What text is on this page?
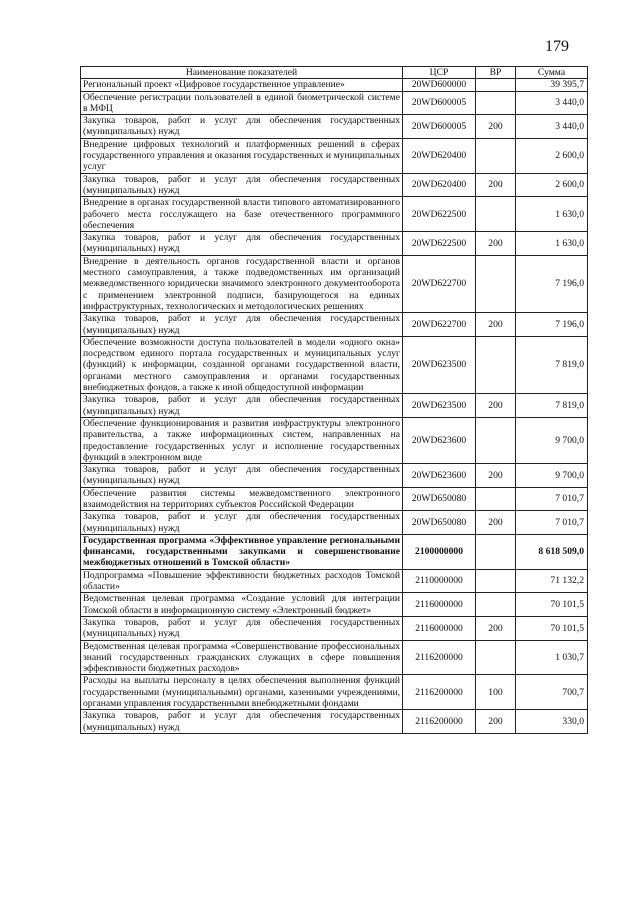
179
Наименование показателей	ЦСР	ВР	Сумма
Региональный проект «Цифровое государственное управление»	20WD600000		39 395,7
Обеспечение регистрации пользователей в единой биометрической системе в МФЦ	20WD600005		3 440,0
Закупка товаров, работ и услуг для обеспечения государственных (муниципальных) нужд	20WD600005	200	3 440,0
Внедрение цифровых технологий и платформенных решений в сферах государственного управления и оказания государственных и муниципальных услуг	20WD620400		2 600,0
Закупка товаров, работ и услуг для обеспечения государственных (муниципальных) нужд	20WD620400	200	2 600,0
Внедрение в органах государственной власти типового автоматизированного рабочего места госслужащего на базе отечественного программного обеспечения	20WD622500		1 630,0
Закупка товаров, работ и услуг для обеспечения государственных (муниципальных) нужд	20WD622500	200	1 630,0
Внедрение в деятельность органов государственной власти и органов местного самоуправления, а также подведомственных им организаций межведомственного юридически значимого электронного документооборота с применением электронной подписи, базирующегося на единых инфраструктурных, технологических и методологических решениях	20WD622700		7 196,0
Закупка товаров, работ и услуг для обеспечения государственных (муниципальных) нужд	20WD622700	200	7 196,0
Обеспечение возможности доступа пользователей в модели «одного окна» посредством единого портала государственных и муниципальных услуг (функций) к информации, созданной органами государственной власти, органами местного самоуправления и органами государственных внебюджетных фондов, а также к иной общедоступной информации	20WD623500		7 819,0
Закупка товаров, работ и услуг для обеспечения государственных (муниципальных) нужд	20WD623500	200	7 819,0
Обеспечение функционирования и развития инфраструктуры электронного правительства, а также информационных систем, направленных на предоставление государственных услуг и исполнение государственных функций в электронном виде	20WD623600		9 700,0
Закупка товаров, работ и услуг для обеспечения государственных (муниципальных) нужд	20WD623600	200	9 700,0
Обеспечение развития системы межведомственного электронного взаимодействия на территориях субъектов Российской Федерации	20WD650080		7 010,7
Закупка товаров, работ и услуг для обеспечения государственных (муниципальных) нужд	20WD650080	200	7 010,7
Государственная программа «Эффективное управление региональными финансами, государственными закупками и совершенствование межбюджетных отношений в Томской области»	2100000000		8 618 509,0
Подпрограмма «Повышение эффективности бюджетных расходов Томской области»	2110000000		71 132,2
Ведомственная целевая программа «Создание условий для интеграции Томской области в информационную систему «Электронный бюджет»	2116000000		70 101,5
Закупка товаров, работ и услуг для обеспечения государственных (муниципальных) нужд	2116000000	200	70 101,5
Ведомственная целевая программа «Совершенствование профессиональных знаний государственных гражданских служащих в сфере повышения эффективности бюджетных расходов»	2116200000		1 030,7
Расходы на выплаты персоналу в целях обеспечения выполнения функций государственными (муниципальными) органами, казенными учреждениями, органами управления государственными внебюджетными фондами	2116200000	100	700,7
Закупка товаров, работ и услуг для обеспечения государственных (муниципальных) нужд	2116200000	200	330,0
